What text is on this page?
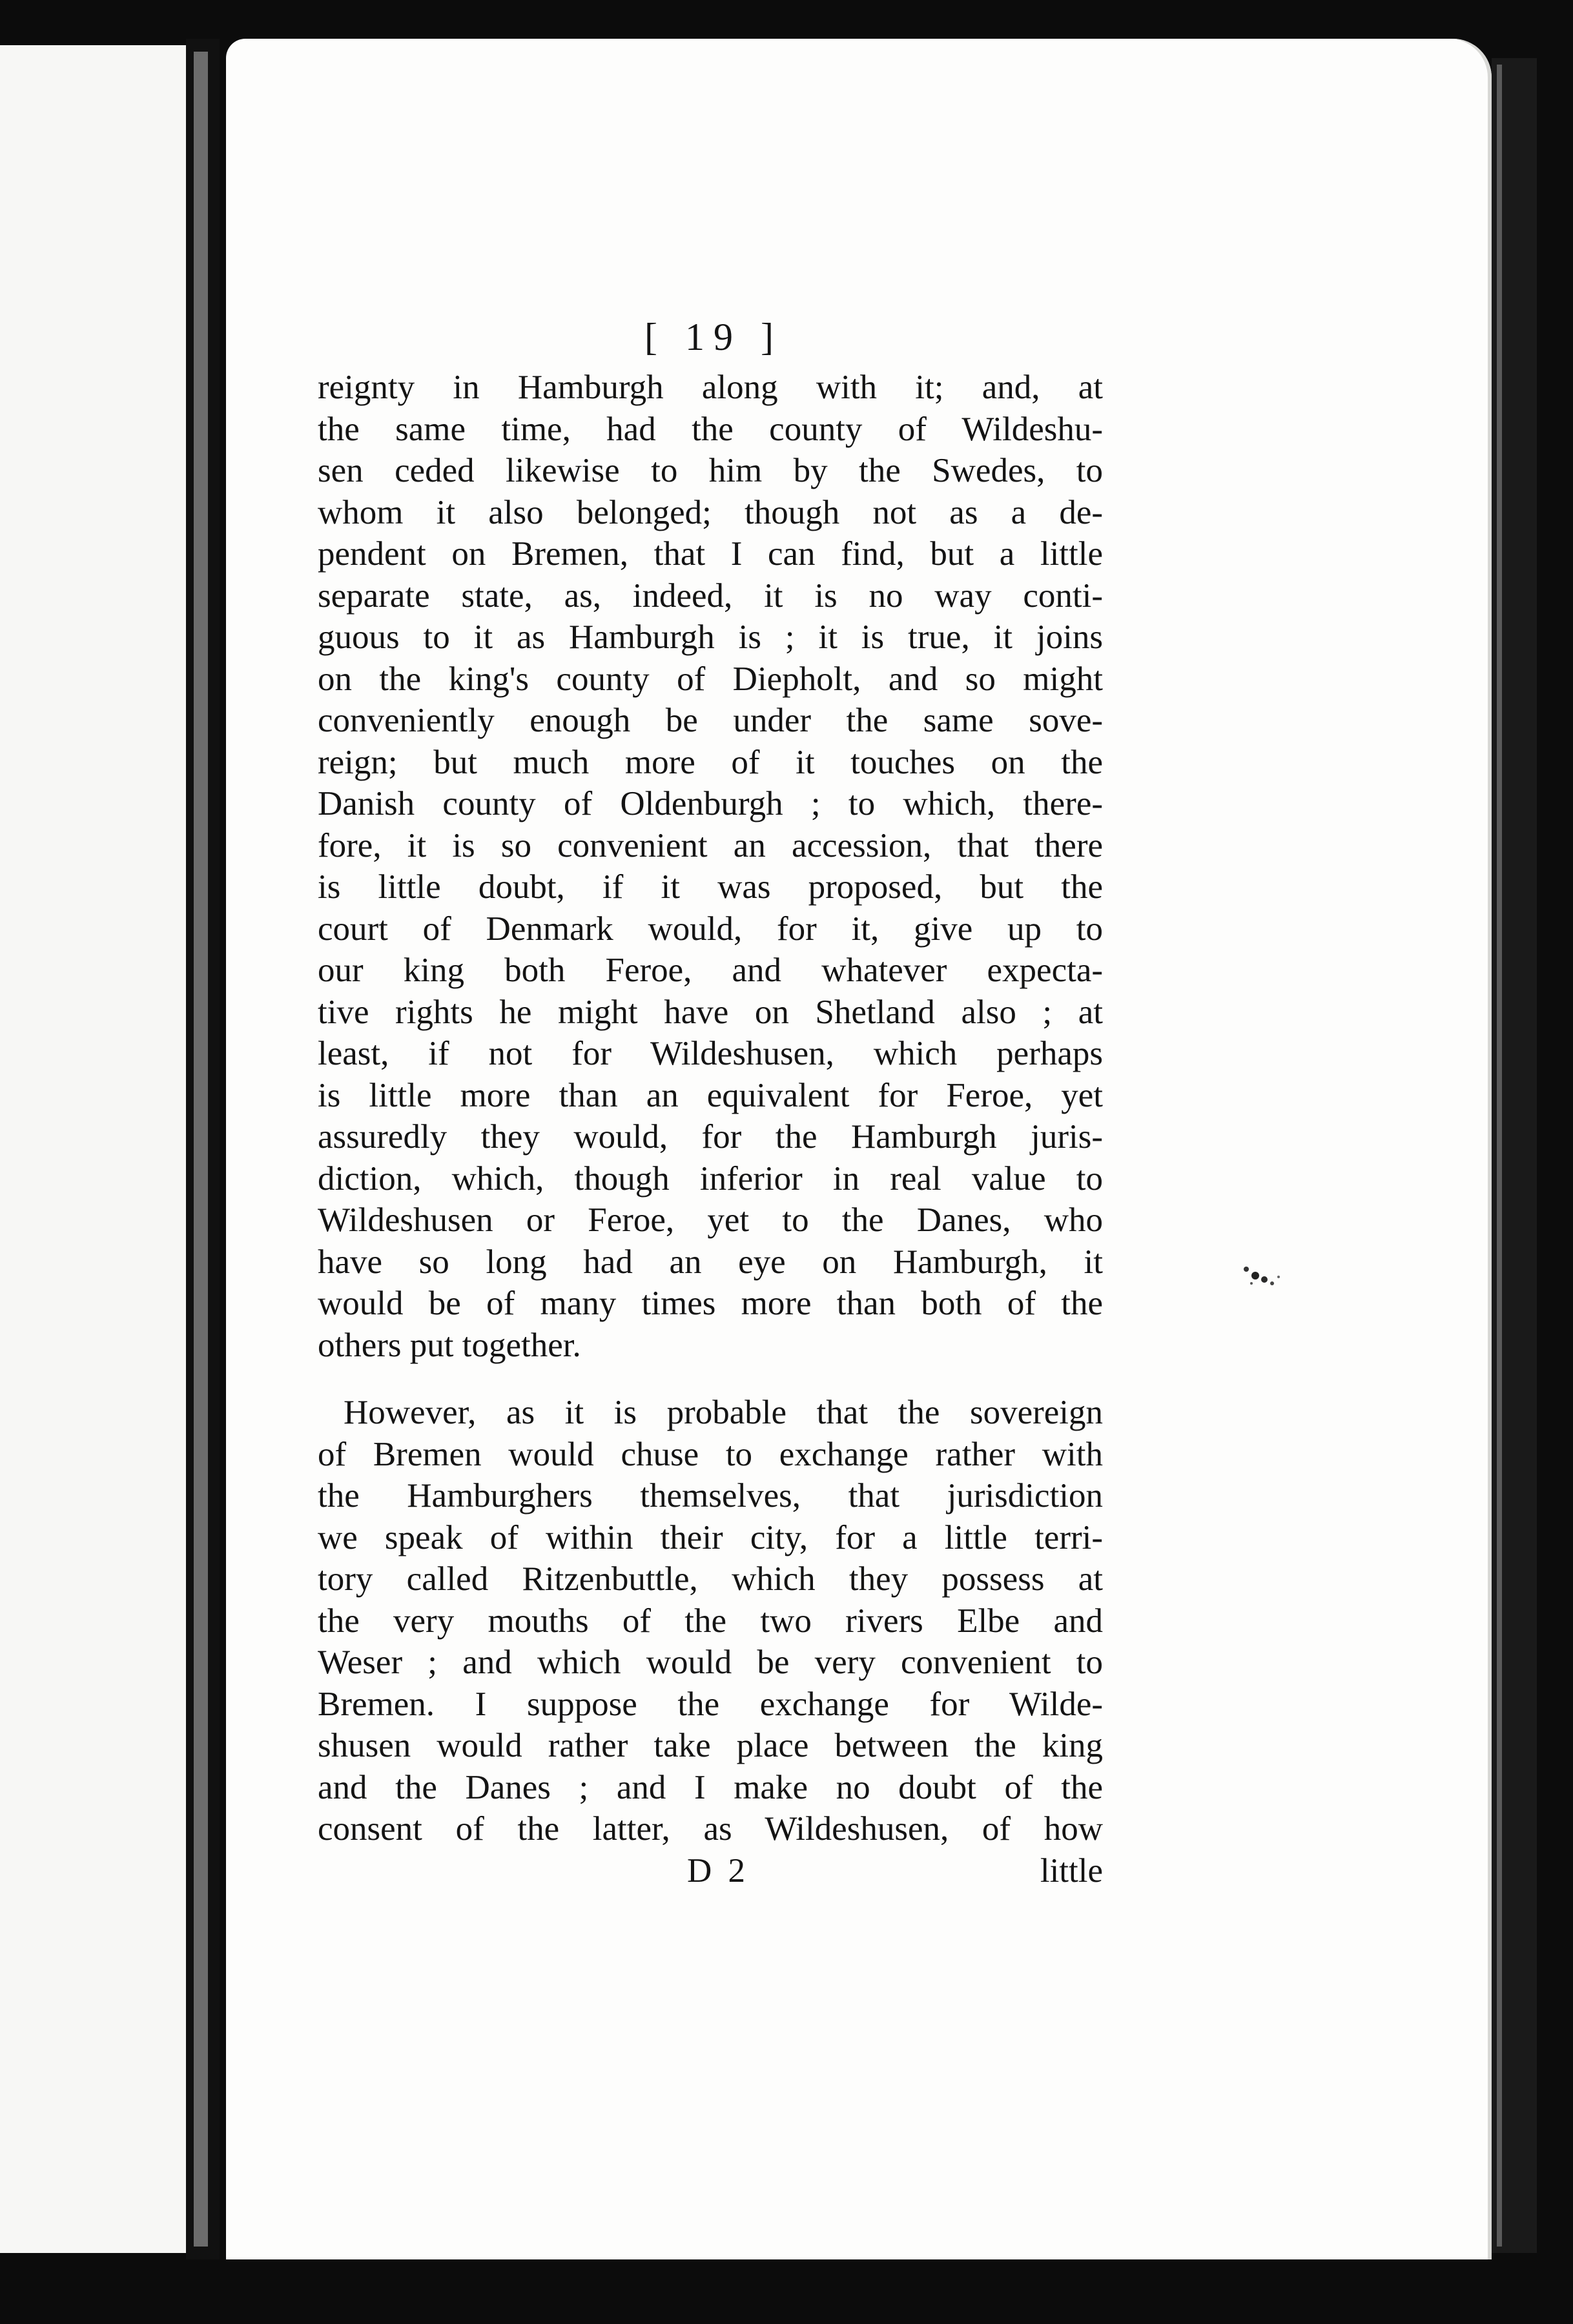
[ 19 ]
reignty in Hamburgh along with it; and, at
the same time, had the county of Wildeshu-
sen ceded likewise to him by the Swedes, to
whom it also belonged; though not as a de-
pendent on Bremen, that I can find, but a little
separate state, as, indeed, it is no way conti-
guous to it as Hamburgh is ; it is true, it joins
on the king's county of Diepholt, and so might
conveniently enough be under the same sove-
reign; but much more of it touches on the
Danish county of Oldenburgh ; to which, there-
fore, it is so convenient an accession, that there
is little doubt, if it was proposed, but the
court of Denmark would, for it, give up to
our king both Feroe, and whatever expecta-
tive rights he might have on Shetland also ; at
least, if not for Wildeshusen, which perhaps
is little more than an equivalent for Feroe, yet
assuredly they would, for the Hamburgh juris-
diction, which, though inferior in real value to
Wildeshusen or Feroe, yet to the Danes, who
have so long had an eye on Hamburgh, it
would be of many times more than both of the
others put together.
However, as it is probable that the sovereign
of Bremen would chuse to exchange rather with
the Hamburghers themselves, that jurisdiction
we speak of within their city, for a little terri-
tory called Ritzenbuttle, which they possess at
the very mouths of the two rivers Elbe and
Weser ; and which would be very convenient to
Bremen. I suppose the exchange for Wilde-
shusen would rather take place between the king
and the Danes ; and I make no doubt of the
consent of the latter, as Wildeshusen, of how
D 2	little
